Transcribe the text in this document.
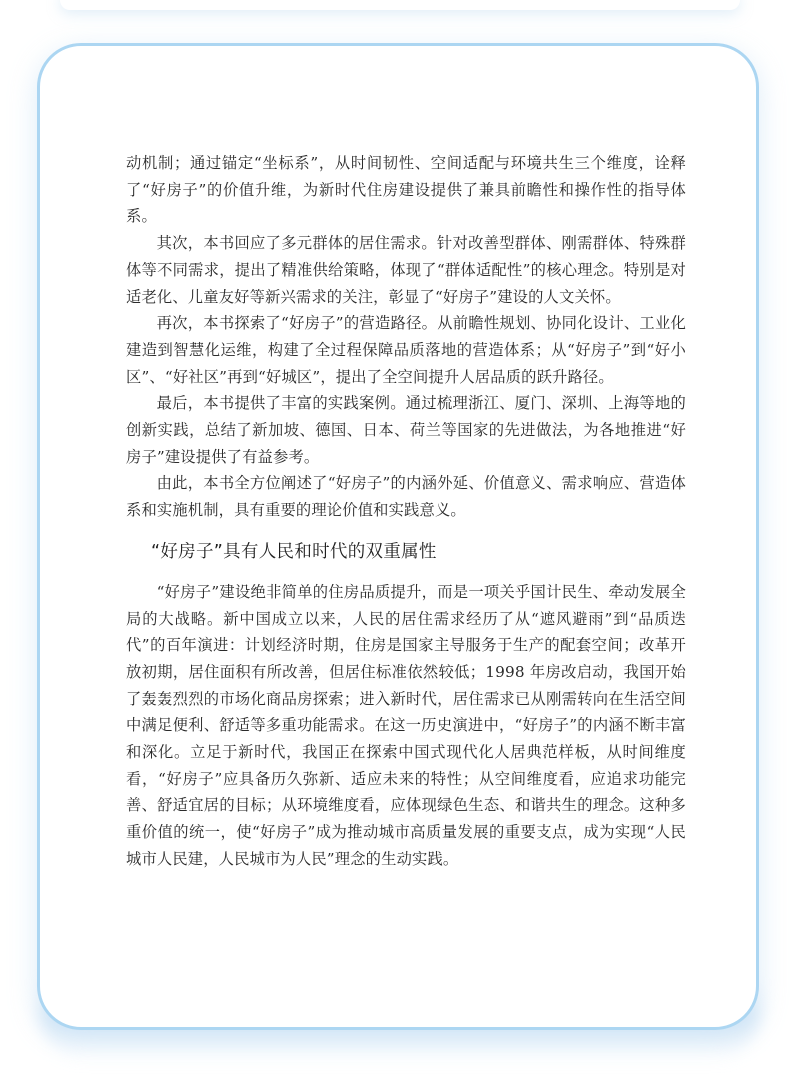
动机制；通过锚定“坐标系”，从时间韧性、空间适配与环境共生三个维度，诠释了“好房子”的价值升维，为新时代住房建设提供了兼具前瞻性和操作性的指导体系。

其次，本书回应了多元群体的居住需求。针对改善型群体、刚需群体、特殊群体等不同需求，提出了精准供给策略，体现了“群体适配性”的核心理念。特别是对适老化、儿童友好等新兴需求的关注，彰显了“好房子”建设的人文关怀。

再次，本书探索了“好房子”的营造路径。从前瞻性规划、协同化设计、工业化建造到智慧化运维，构建了全过程保障品质落地的营造体系；从“好房子”到“好小区”、“好社区”再到“好城区”，提出了全空间提升人居品质的跃升路径。

最后，本书提供了丰富的实践案例。通过梳理浙江、厦门、深圳、上海等地的创新实践，总结了新加坡、德国、日本、荷兰等国家的先进做法，为各地推进“好房子”建设提供了有益参考。

由此，本书全方位阐述了“好房子”的内涵外延、价值意义、需求响应、营造体系和实施机制，具有重要的理论价值和实践意义。

“好房子”具有人民和时代的双重属性

“好房子”建设绝非简单的住房品质提升，而是一项关乎国计民生、牵动发展全局的大战略。新中国成立以来，人民的居住需求经历了从“遮风避雨”到“品质迭代”的百年演进：计划经济时期，住房是国家主导服务于生产的配套空间；改革开放初期，居住面积有所改善，但居住标准依然较低；1998 年房改启动，我国开始了轰轰烈烈的市场化商品房探索；进入新时代，居住需求已从刚需转向在生活空间中满足便利、舒适等多重功能需求。在这一历史演进中，“好房子”的内涵不断丰富和深化。立足于新时代，我国正在探索中国式现代化人居典范样板，从时间维度看，“好房子”应具备历久弥新、适应未来的特性；从空间维度看，应追求功能完善、舒适宜居的目标；从环境维度看，应体现绿色生态、和谐共生的理念。这种多重价值的统一，使“好房子”成为推动城市高质量发展的重要支点，成为实现“人民城市人民建，人民城市为人民”理念的生动实践。
